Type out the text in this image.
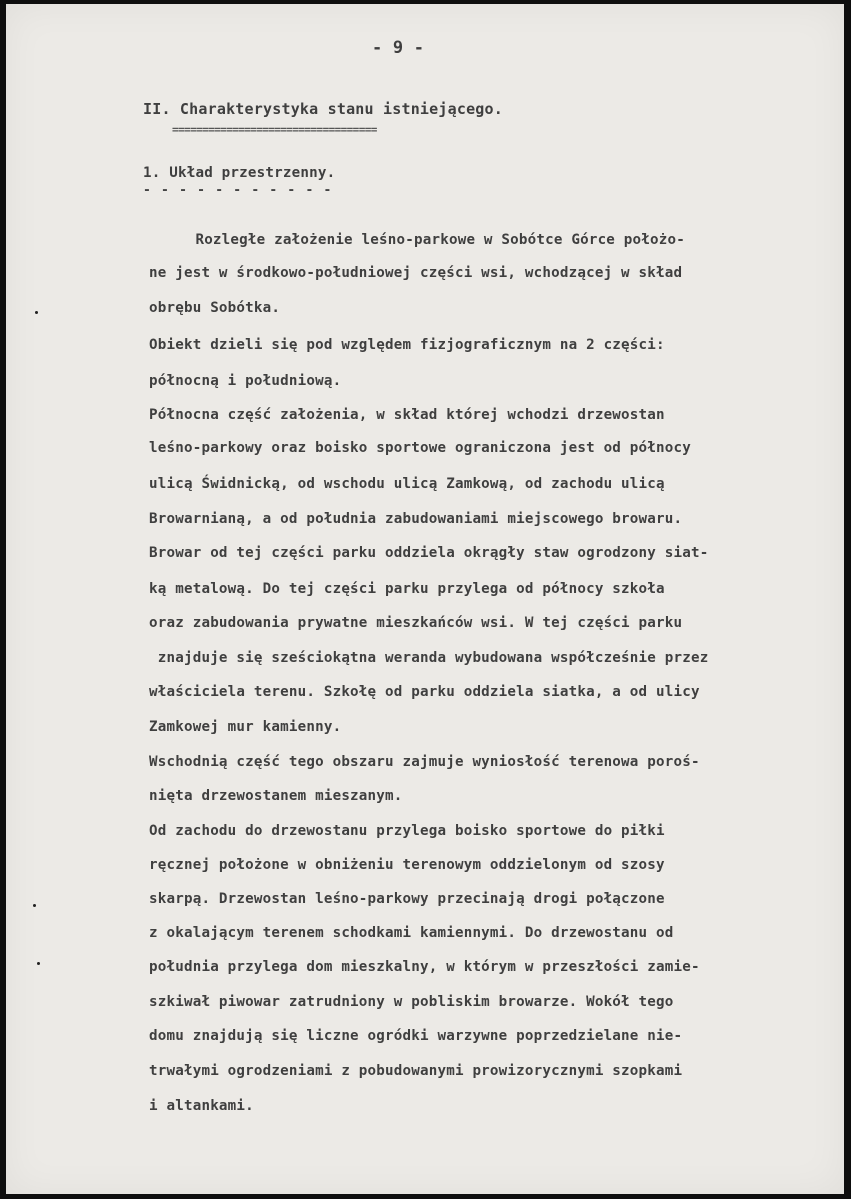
- 9 -
II. Charakterystyka stanu istniejącego.
==================================
1. Układ przestrzenny.
- - - - - - - - - - -
Rozległe założenie leśno-parkowe w Sobótce Górce położo-
ne jest w środkowo-południowej części wsi, wchodzącej w skład
obrębu Sobótka.
Obiekt dzieli się pod względem fizjograficznym na 2 części:
północną i południową.
Północna część założenia, w skład której wchodzi drzewostan
leśno-parkowy oraz boisko sportowe ograniczona jest od północy
ulicą Świdnicką, od wschodu ulicą Zamkową, od zachodu ulicą
Browarnianą, a od południa zabudowaniami miejscowego browaru.
Browar od tej części parku oddziela okrągły staw ogrodzony siat-
ką metalową. Do tej części parku przylega od północy szkoła
oraz zabudowania prywatne mieszkańców wsi. W tej części parku
znajduje się sześciokątna weranda wybudowana współcześnie przez
właściciela terenu. Szkołę od parku oddziela siatka, a od ulicy
Zamkowej mur kamienny.
Wschodnią część tego obszaru zajmuje wyniosłość terenowa poroś-
nięta drzewostanem mieszanym.
Od zachodu do drzewostanu przylega boisko sportowe do piłki
ręcznej położone w obniżeniu terenowym oddzielonym od szosy
skarpą. Drzewostan leśno-parkowy przecinają drogi połączone
z okalającym terenem schodkami kamiennymi. Do drzewostanu od
południa przylega dom mieszkalny, w którym w przeszłości zamie-
szkiwał piwowar zatrudniony w pobliskim browarze. Wokół tego
domu znajdują się liczne ogródki warzywne poprzedzielane nie-
trwałymi ogrodzeniami z pobudowanymi prowizorycznymi szopkami
i altankami.
